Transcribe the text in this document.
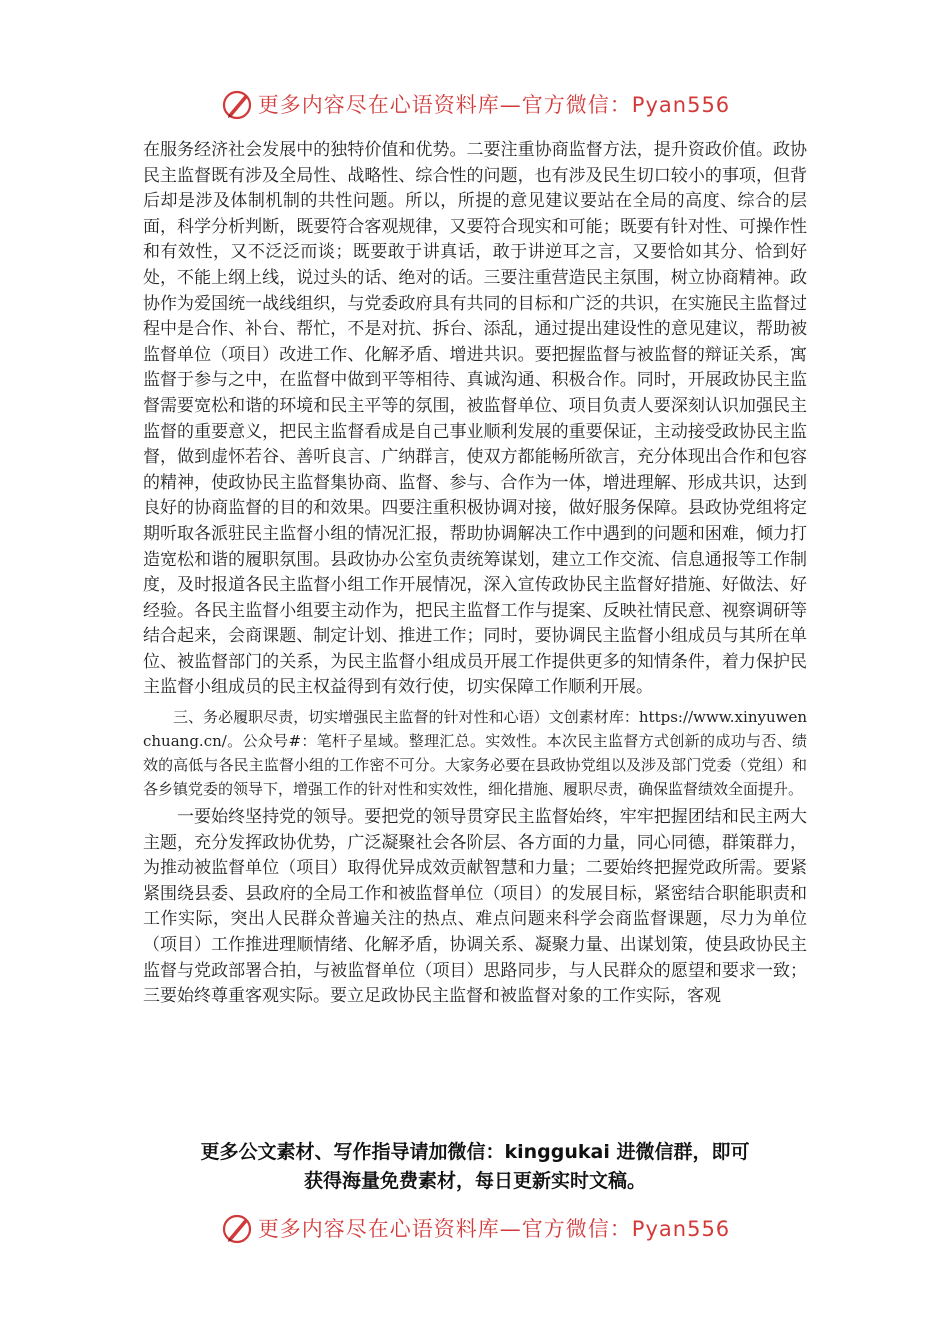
更多内容尽在心语资料库—官方微信：Pyan556

在服务经济社会发展中的独特价值和优势。二要注重协商监督方法，提升资政价值。政协民主监督既有涉及全局性、战略性、综合性的问题，也有涉及民生切口较小的事项，但背后却是涉及体制机制的共性问题。所以，所提的意见建议要站在全局的高度、综合的层面，科学分析判断，既要符合客观规律，又要符合现实和可能；既要有针对性、可操作性和有效性，又不泛泛而谈；既要敢于讲真话，敢于讲逆耳之言，又要恰如其分、恰到好处，不能上纲上线，说过头的话、绝对的话。三要注重营造民主氛围，树立协商精神。政协作为爱国统一战线组织，与党委政府具有共同的目标和广泛的共识，在实施民主监督过程中是合作、补台、帮忙，不是对抗、拆台、添乱，通过提出建设性的意见建议，帮助被监督单位（项目）改进工作、化解矛盾、增进共识。要把握监督与被监督的辩证关系，寓监督于参与之中，在监督中做到平等相待、真诚沟通、积极合作。同时，开展政协民主监督需要宽松和谐的环境和民主平等的氛围，被监督单位、项目负责人要深刻认识加强民主监督的重要意义，把民主监督看成是自己事业顺利发展的重要保证，主动接受政协民主监督，做到虚怀若谷、善听良言、广纳群言，使双方都能畅所欲言，充分体现出合作和包容的精神，使政协民主监督集协商、监督、参与、合作为一体，增进理解、形成共识，达到良好的协商监督的目的和效果。四要注重积极协调对接，做好服务保障。县政协党组将定期听取各派驻民主监督小组的情况汇报，帮助协调解决工作中遇到的问题和困难，倾力打造宽松和谐的履职氛围。县政协办公室负责统筹谋划，建立工作交流、信息通报等工作制度，及时报道各民主监督小组工作开展情况，深入宣传政协民主监督好措施、好做法、好经验。各民主监督小组要主动作为，把民主监督工作与提案、反映社情民意、视察调研等结合起来，会商课题、制定计划、推进工作；同时，要协调民主监督小组成员与其所在单位、被监督部门的关系，为民主监督小组成员开展工作提供更多的知情条件，着力保护民主监督小组成员的民主权益得到有效行使，切实保障工作顺利开展。

三、务必履职尽责，切实增强民主监督的针对性和心语）文创素材库：https://www.xinyuwenchuang.cn/。公众号#：笔杆子星域。整理汇总。实效性。本次民主监督方式创新的成功与否、绩效的高低与各民主监督小组的工作密不可分。大家务必要在县政协党组以及涉及部门党委（党组）和各乡镇党委的领导下，增强工作的针对性和实效性，细化措施、履职尽责，确保监督绩效全面提升。

一要始终坚持党的领导。要把党的领导贯穿民主监督始终，牢牢把握团结和民主两大主题，充分发挥政协优势，广泛凝聚社会各阶层、各方面的力量，同心同德，群策群力，为推动被监督单位（项目）取得优异成效贡献智慧和力量；二要始终把握党政所需。要紧紧围绕县委、县政府的全局工作和被监督单位（项目）的发展目标，紧密结合职能职责和工作实际，突出人民群众普遍关注的热点、难点问题来科学会商监督课题，尽力为单位（项目）工作推进理顺情绪、化解矛盾，协调关系、凝聚力量、出谋划策，使县政协民主监督与党政部署合拍，与被监督单位（项目）思路同步，与人民群众的愿望和要求一致；三要始终尊重客观实际。要立足政协民主监督和被监督对象的工作实际，客观

更多公文素材、写作指导请加微信：kinggukai 进微信群，即可
获得海量免费素材，每日更新实时文稿。
更多内容尽在心语资料库—官方微信：Pyan556
